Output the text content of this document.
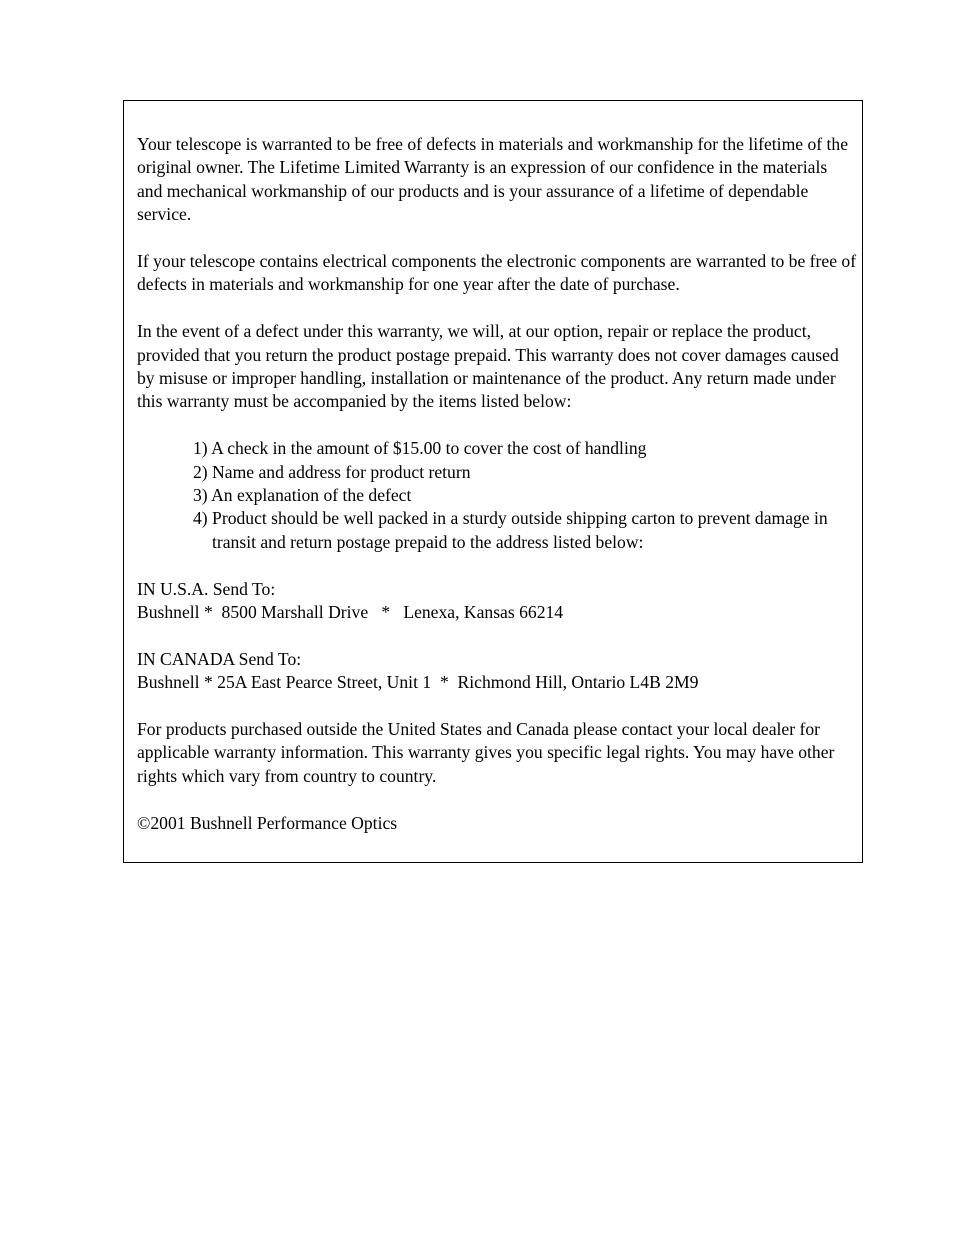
Your telescope is warranted to be free of defects in materials and workmanship for the lifetime of the original owner. The Lifetime Limited Warranty is an expression of our confidence in the materials and mechanical workmanship of our products and is your assurance of a lifetime of dependable service.

If your telescope contains electrical components the electronic components are warranted to be free of defects in materials and workmanship for one year after the date of purchase.

In the event of a defect under this warranty, we will, at our option, repair or replace the product, provided that you return the product postage prepaid. This warranty does not cover damages caused by misuse or improper handling, installation or maintenance of the product. Any return made under this warranty must be accompanied by the items listed below:

1) A check in the amount of $15.00 to cover the cost of handling
2) Name and address for product return
3) An explanation of the defect
4) Product should be well packed in a sturdy outside shipping carton to prevent damage in transit and return postage prepaid to the address listed below:

IN U.S.A. Send To:
Bushnell *  8500 Marshall Drive   *   Lenexa, Kansas 66214

IN CANADA Send To:
Bushnell * 25A East Pearce Street, Unit 1  *  Richmond Hill, Ontario L4B 2M9

For products purchased outside the United States and Canada please contact your local dealer for applicable warranty information. This warranty gives you specific legal rights. You may have other rights which vary from country to country.

©2001 Bushnell Performance Optics
